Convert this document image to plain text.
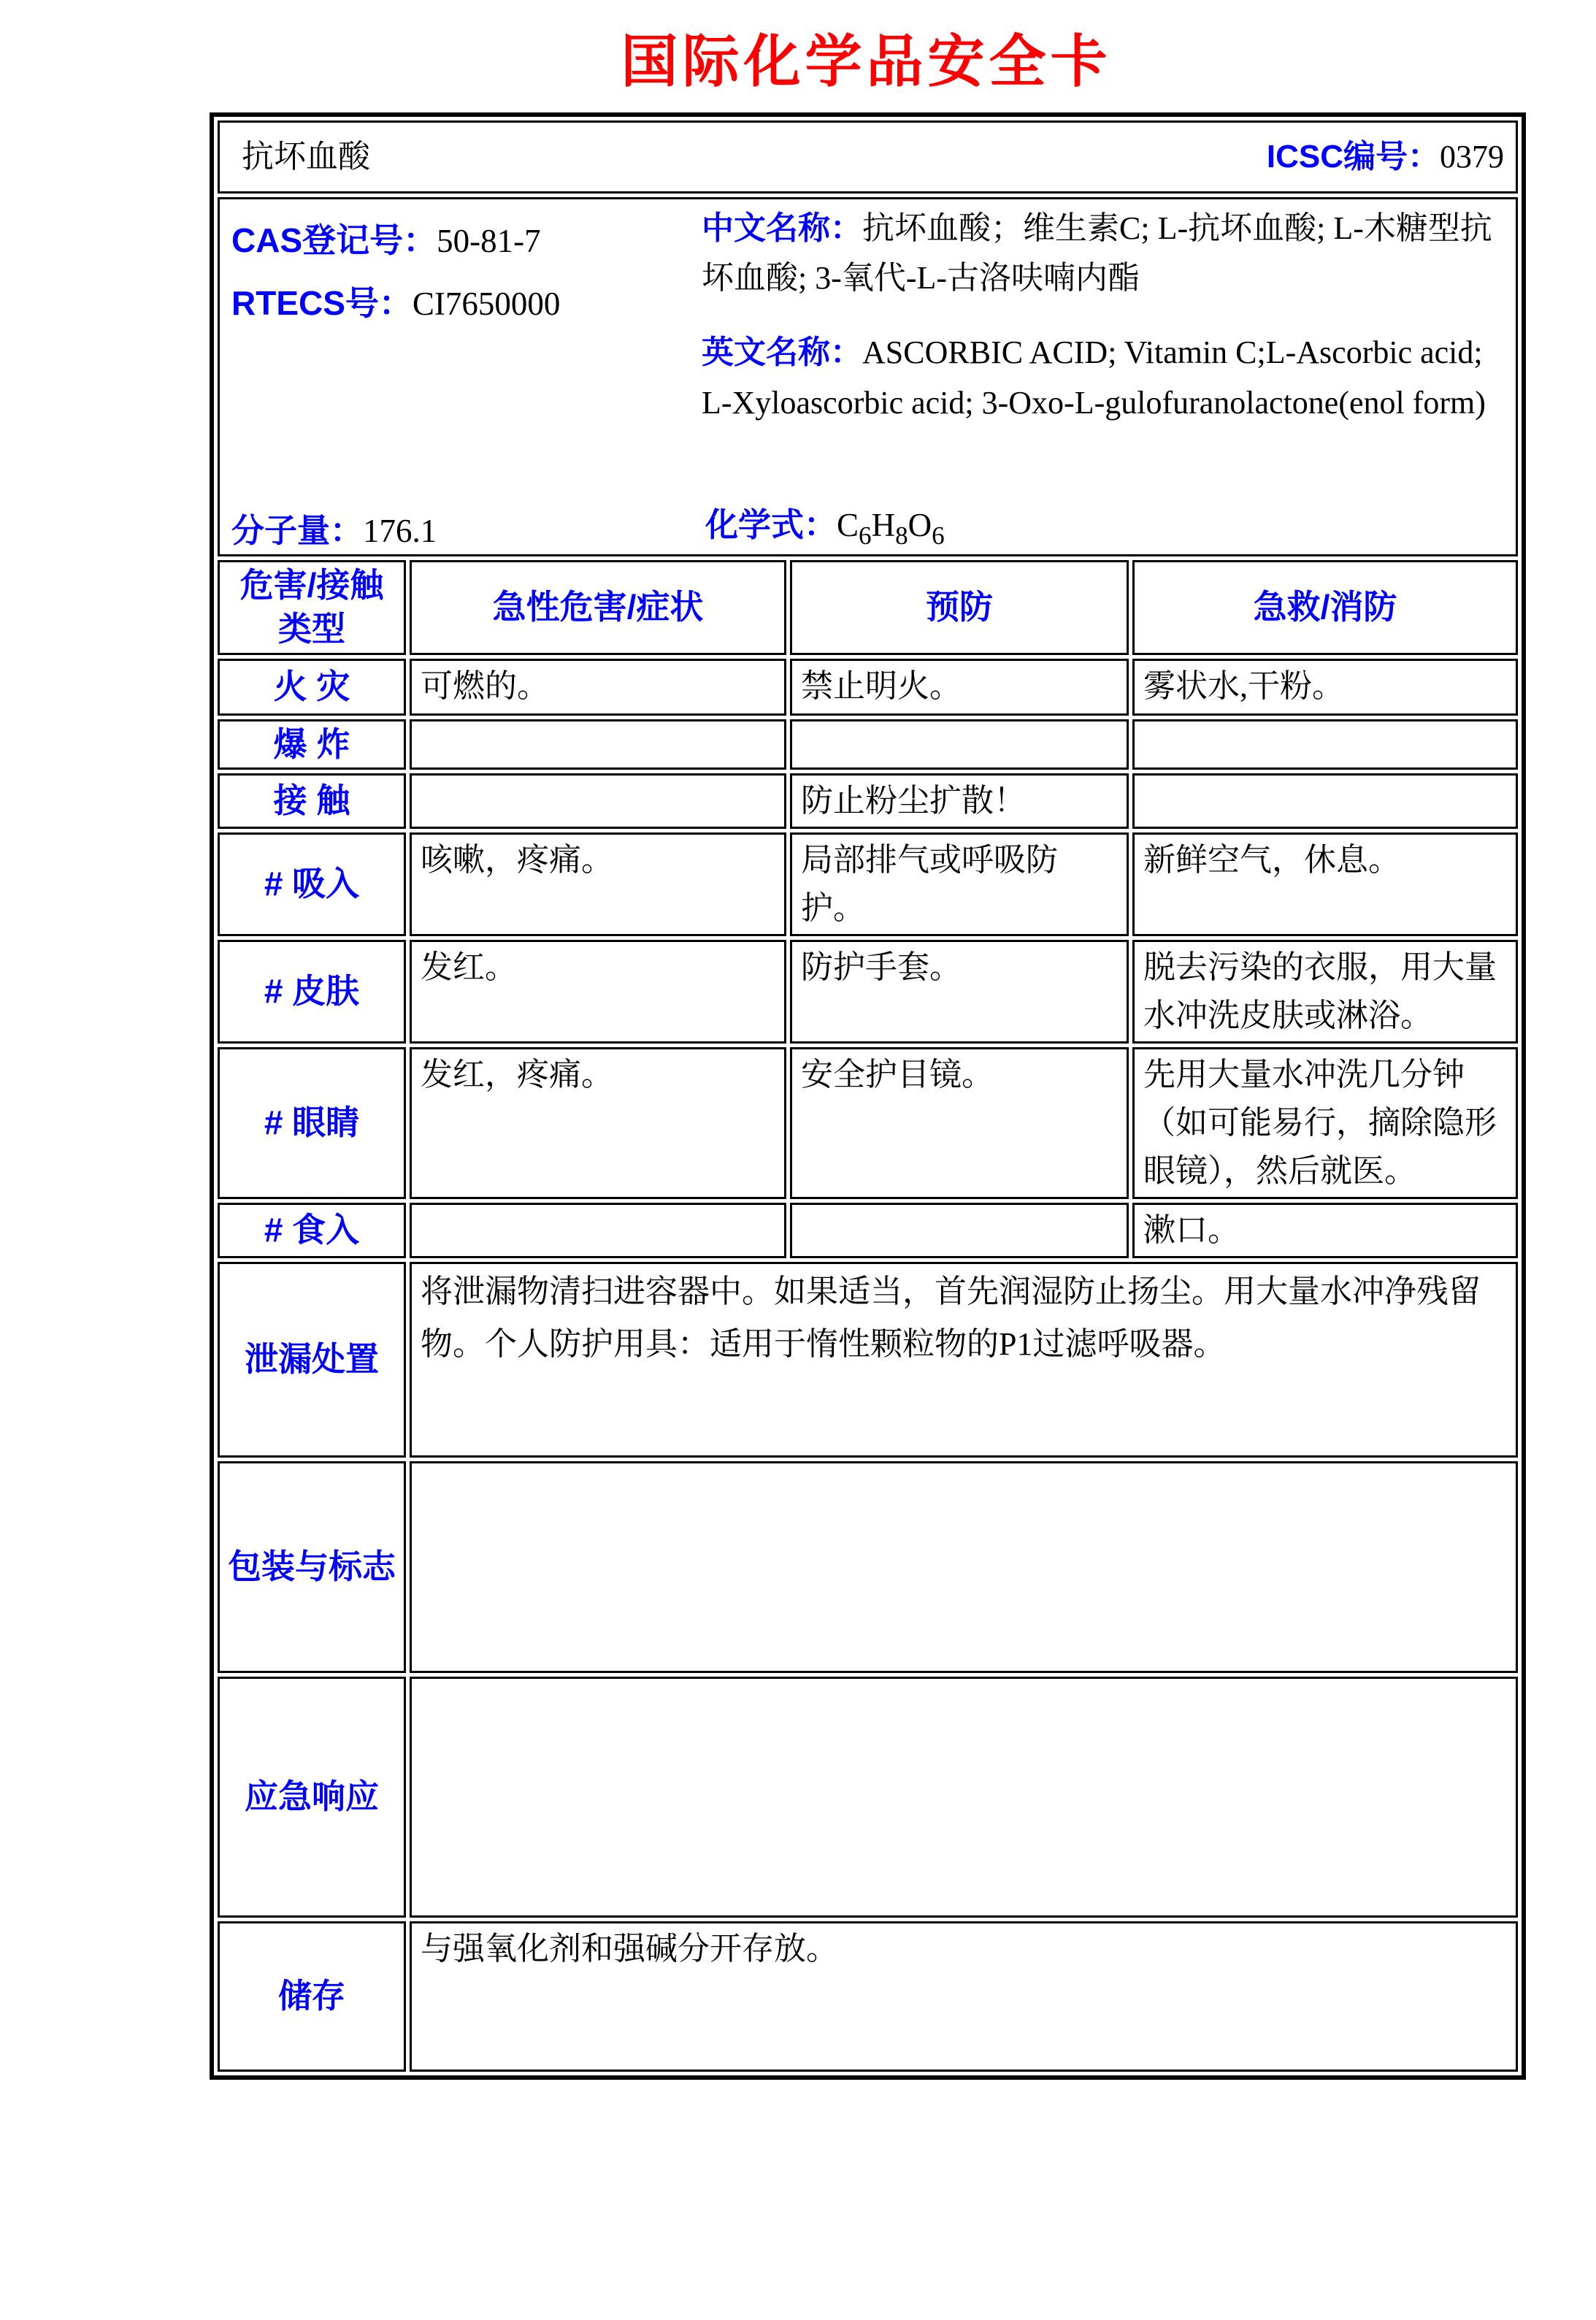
国际化学品安全卡
抗坏血酸 ICSC编号：0379			

CAS登记号：50-81-7
RTECS号：CI7650000
中文名称：抗坏血酸；维生素C; L-抗坏血酸; L-木糖型抗坏血酸; 3-氧代-L-古洛呋喃内酯
英文名称：ASCORBIC ACID; Vitamin C;L-Ascorbic acid; L-Xyloascorbic acid; 3-Oxo-L-gulofuranolactone(enol form)
分子量：176.1	化学式：$C_6H_8O_6$

危害/接触
类型	急性危害/症状	预防	急救/消防
火 灾	可燃的。	禁止明火。	雾状水,干粉。
爆 炸			
接 触		防止粉尘扩散！	
# 吸入	咳嗽，疼痛。	局部排气或呼吸防护。	新鲜空气，休息。
# 皮肤	发红。	防护手套。	脱去污染的衣服，用大量水冲洗皮肤或淋浴。
# 眼睛	发红，疼痛。	安全护目镜。	先用大量水冲洗几分钟（如可能易行，摘除隐形眼镜），然后就医。
# 食入			漱口。
泄漏处置	将泄漏物清扫进容器中。如果适当，首先润湿防止扬尘。用大量水冲净残留物。个人防护用具：适用于惰性颗粒物的P1过滤呼吸器。		
包装与标志			
应急响应			
储存	与强氧化剂和强碱分开存放。		
